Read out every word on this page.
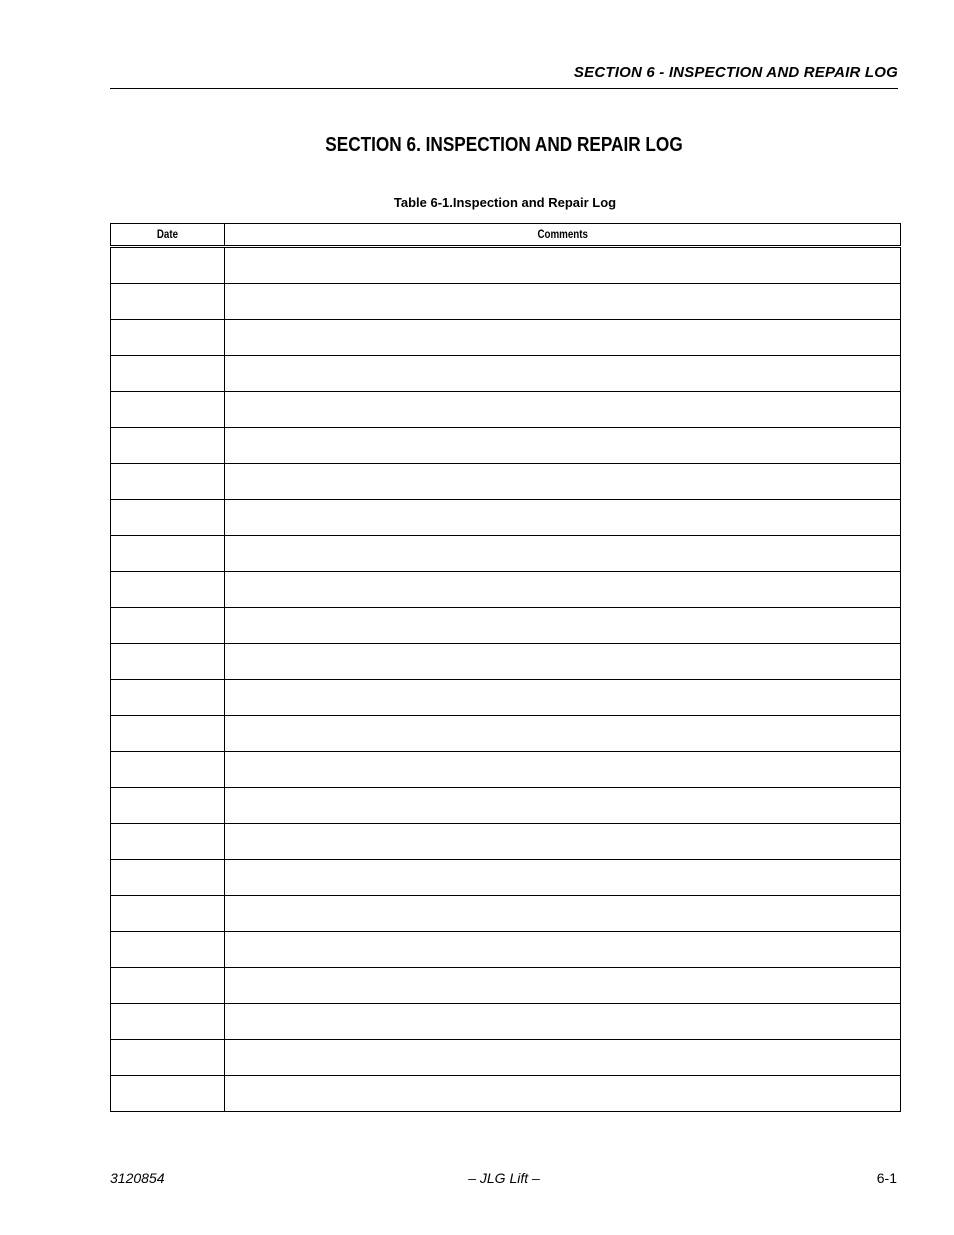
SECTION 6 - INSPECTION AND REPAIR LOG
SECTION 6. INSPECTION AND REPAIR LOG
Table 6-1.Inspection and Repair Log
Date	Comments

3120854	– JLG Lift –	6-1
